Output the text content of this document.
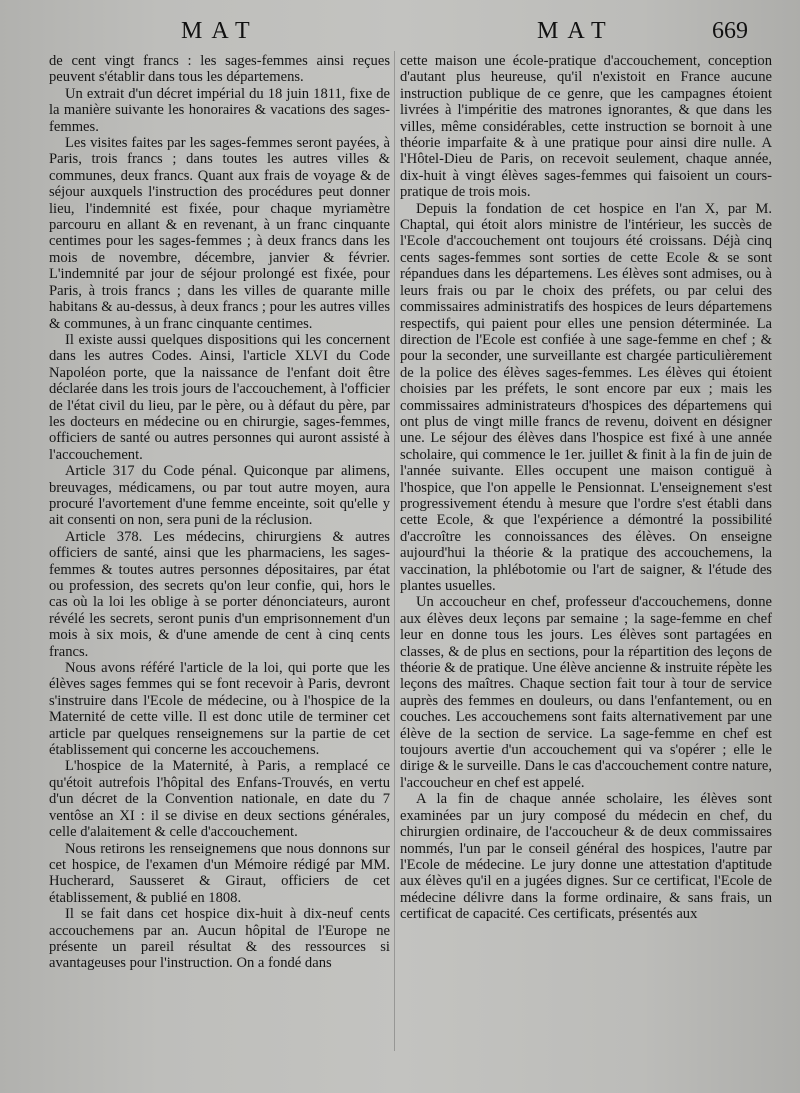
MAT	MAT	669

de cent vingt francs : les sages-femmes ainsi reçues peuvent s'établir dans tous les départemens.

Un extrait d'un décret impérial du 18 juin 1811, fixe de la manière suivante les honoraires & vacations des sages-femmes.

Les visites faites par les sages-femmes seront payées, à Paris, trois francs ; dans toutes les autres villes & communes, deux francs. Quant aux frais de voyage & de séjour auxquels l'instruction des procédures peut donner lieu, l'indemnité est fixée, pour chaque myriamètre parcouru en allant & en revenant, à un franc cinquante centimes pour les sages-femmes ; à deux francs dans les mois de novembre, décembre, janvier & février. L'indemnité par jour de séjour prolongé est fixée, pour Paris, à trois francs ; dans les villes de quarante mille habitans & au-dessus, à deux francs ; pour les autres villes & communes, à un franc cinquante centimes.

Il existe aussi quelques dispositions qui les concernent dans les autres Codes. Ainsi, l'article XLVI du Code Napoléon porte, que la naissance de l'enfant doit être déclarée dans les trois jours de l'accouchement, à l'officier de l'état civil du lieu, par le père, ou à défaut du père, par les docteurs en médecine ou en chirurgie, sages-femmes, officiers de santé ou autres personnes qui auront assisté à l'accouchement.

Article 317 du Code pénal. Quiconque par alimens, breuvages, médicamens, ou par tout autre moyen, aura procuré l'avortement d'une femme enceinte, soit qu'elle y ait consenti on non, sera puni de la réclusion.

Article 378. Les médecins, chirurgiens & autres officiers de santé, ainsi que les pharmaciens, les sages-femmes & toutes autres personnes dépositaires, par état ou profession, des secrets qu'on leur confie, qui, hors le cas où la loi les oblige à se porter dénonciateurs, auront révélé les secrets, seront punis d'un emprisonnement d'un mois à six mois, & d'une amende de cent à cinq cents francs.

Nous avons référé l'article de la loi, qui porte que les élèves sages femmes qui se font recevoir à Paris, devront s'instruire dans l'Ecole de médecine, ou à l'hospice de la Maternité de cette ville. Il est donc utile de terminer cet article par quelques renseignemens sur la partie de cet établissement qui concerne les accouchemens.

L'hospice de la Maternité, à Paris, a remplacé ce qu'étoit autrefois l'hôpital des Enfans-Trouvés, en vertu d'un décret de la Convention nationale, en date du 7 ventôse an XI : il se divise en deux sections générales, celle d'alaitement & celle d'accouchement.

Nous retirons les renseignemens que nous donnons sur cet hospice, de l'examen d'un Mémoire rédigé par MM. Hucherard, Sausseret & Giraut, officiers de cet établissement, & publié en 1808.

Il se fait dans cet hospice dix-huit à dix-neuf cents accouchemens par an. Aucun hôpital de l'Europe ne présente un pareil résultat & des ressources si avantageuses pour l'instruction. On a fondé dans

cette maison une école-pratique d'accouchement, conception d'autant plus heureuse, qu'il n'existoit en France aucune instruction publique de ce genre, que les campagnes étoient livrées à l'impéritie des matrones ignorantes, & que dans les villes, même considérables, cette instruction se bornoit à une théorie imparfaite & à une pratique pour ainsi dire nulle. A l'Hôtel-Dieu de Paris, on recevoit seulement, chaque année, dix-huit à vingt élèves sages-femmes qui faisoient un cours-pratique de trois mois.

Depuis la fondation de cet hospice en l'an X, par M. Chaptal, qui étoit alors ministre de l'intérieur, les succès de l'Ecole d'accouchement ont toujours été croissans. Déjà cinq cents sages-femmes sont sorties de cette Ecole & se sont répandues dans les départemens. Les élèves sont admises, ou à leurs frais ou par le choix des préfets, ou par celui des commissaires administratifs des hospices de leurs départemens respectifs, qui paient pour elles une pension déterminée. La direction de l'Ecole est confiée à une sage-femme en chef ; & pour la seconder, une surveillante est chargée particulièrement de la police des élèves sages-femmes. Les élèves qui étoient choisies par les préfets, le sont encore par eux ; mais les commissaires administrateurs d'hospices des départemens qui ont plus de vingt mille francs de revenu, doivent en désigner une. Le séjour des élèves dans l'hospice est fixé à une année scholaire, qui commence le 1er. juillet & finit à la fin de juin de l'année suivante. Elles occupent une maison contiguë à l'hospice, que l'on appelle le Pensionnat. L'enseignement s'est progressivement étendu à mesure que l'ordre s'est établi dans cette Ecole, & que l'expérience a démontré la possibilité d'accroître les connoissances des élèves. On enseigne aujourd'hui la théorie & la pratique des accouchemens, la vaccination, la phlébotomie ou l'art de saigner, & l'étude des plantes usuelles.

Un accoucheur en chef, professeur d'accouchemens, donne aux élèves deux leçons par semaine ; la sage-femme en chef leur en donne tous les jours. Les élèves sont partagées en classes, & de plus en sections, pour la répartition des leçons de théorie & de pratique. Une élève ancienne & instruite répète les leçons des maîtres. Chaque section fait tour à tour de service auprès des femmes en douleurs, ou dans l'enfantement, ou en couches. Les accouchemens sont faits alternativement par une élève de la section de service. La sage-femme en chef est toujours avertie d'un accouchement qui va s'opérer ; elle le dirige & le surveille. Dans le cas d'accouchement contre nature, l'accoucheur en chef est appelé.

A la fin de chaque année scholaire, les élèves sont examinées par un jury composé du médecin en chef, du chirurgien ordinaire, de l'accoucheur & de deux commissaires nommés, l'un par le conseil général des hospices, l'autre par l'Ecole de médecine. Le jury donne une attestation d'aptitude aux élèves qu'il en a jugées dignes. Sur ce certificat, l'Ecole de médecine délivre dans la forme ordinaire, & sans frais, un certificat de capacité. Ces certificats, présentés aux
